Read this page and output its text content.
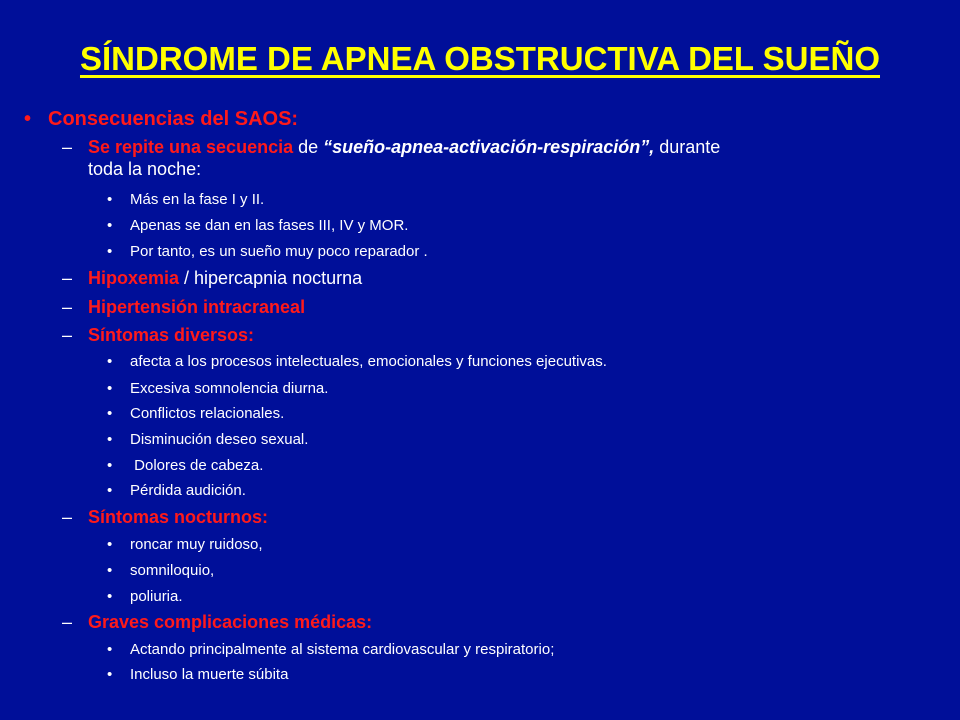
SÍNDROME DE APNEA OBSTRUCTIVA DEL SUEÑO
• Consecuencias del SAOS:
– Se repite una secuencia de “sueño-apnea-activación-respiración”, durante
toda la noche:
• Más en la fase I y II.
• Apenas se dan en las fases III, IV y MOR.
• Por tanto, es un sueño muy poco reparador .
– Hipoxemia / hipercapnia nocturna
– Hipertensión intracraneal
– Síntomas diversos:
• afecta a los procesos intelectuales, emocionales y funciones ejecutivas.
• Excesiva somnolencia diurna.
• Conflictos relacionales.
• Disminución deseo sexual.
• Dolores de cabeza.
• Pérdida audición.
– Síntomas nocturnos:
• roncar muy ruidoso,
• somniloquio,
• poliuria.
– Graves complicaciones médicas:
• Actando principalmente al sistema cardiovascular y respiratorio;
• Incluso la muerte súbita
